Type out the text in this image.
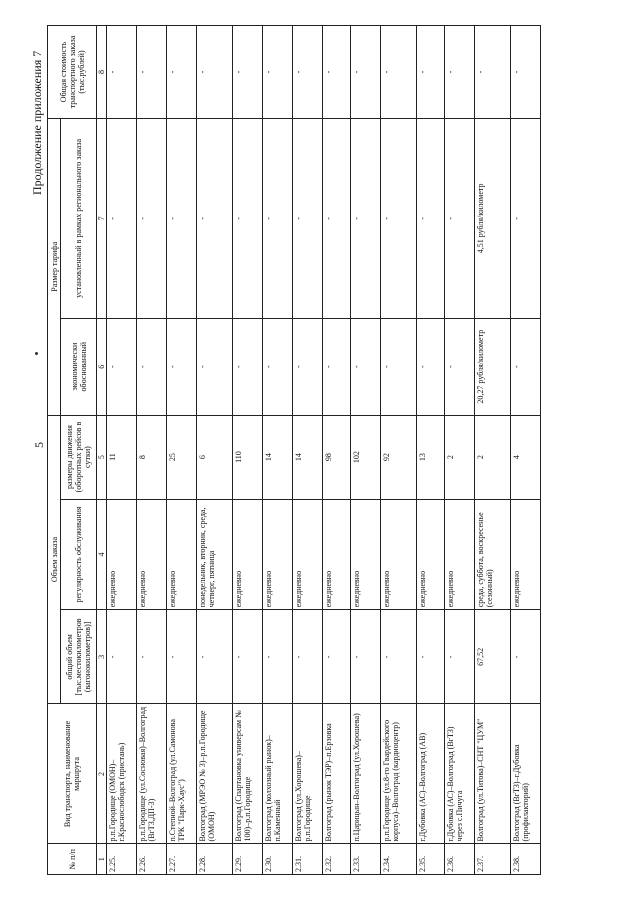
5
Продолжение приложения 7
№ п/п	Вид транспорта, наименование маршрута	Объем заказа			Размер тарифа		Общая стоимость транспортного заказа (тыс.рублей)
		общий объем [тыс.местокилометров (вагонокилометров)]	регулярность обслуживания	размеры движения (оборотных рейсов в сутки)	экономически обоснованный	установленный в рамках регионального заказа	
1	2	3	4	5	6	7	8
2.25.	р.п.Городище (ОМОН)–г.Краснослободск (пристань)	-	ежедневно	11	-	-	-
2.26.	р.п.Городище (ул.Сосновая)–Волгоград (ВгТЗ,ДП-3)	-	ежедневно	8	-	-	-
2.27.	п.Степной–Волгоград (ул.Самонова ТРК "Парк-Хаус")	-	ежедневно	25	-	-	-
2.28.	Волгоград (МРЭО № 3)–р.п.Городище (ОМОН)	-	понедельник, вторник, среда, четверг, пятница	6	-	-	-
2.29.	Волгоград (Спартановка универсам № 100)–р.п.Городище	-	ежедневно	110	-	-	-
2.30.	Волгоград (колхозный рынок)–п.Каменный	-	ежедневно	14	-	-	-
2.31.	Волгоград (ул.Хорошева)–р.п.Городище	-	ежедневно	14	-	-	-
2.32.	Волгоград (рынок ТЭР)–п.Ерзовка	-	ежедневно	98	-	-	-
2.33.	п.Царицын–Волгоград (ул.Хорошева)	-	ежедневно	102	-	-	-
2.34.	р.п.Городище (ул.8-го Гвардейского корпуса)–Волгоград (кардиоцентр)	-	ежедневно	92	-	-	-
2.35.	г.Дубовка (АС)–Волгоград (АВ)	-	ежедневно	13	-	-	-
2.36.	г.Дубовка (АС)–Волгоград (ВгТЗ) через с.Пичуга	-	ежедневно	2	-	-	-
2.37.	Волгоград (ул.Титова)–СНТ "ЦУМ"	67,52	среда, суббота, воскресенье (сезонный)	2	20,27 рубля/километр	4,51 рубля/километр	-
2.38.	Волгоград (ВгТЗ)–г.Дубовка (профилакторий)	-	ежедневно	4	-	-	-
